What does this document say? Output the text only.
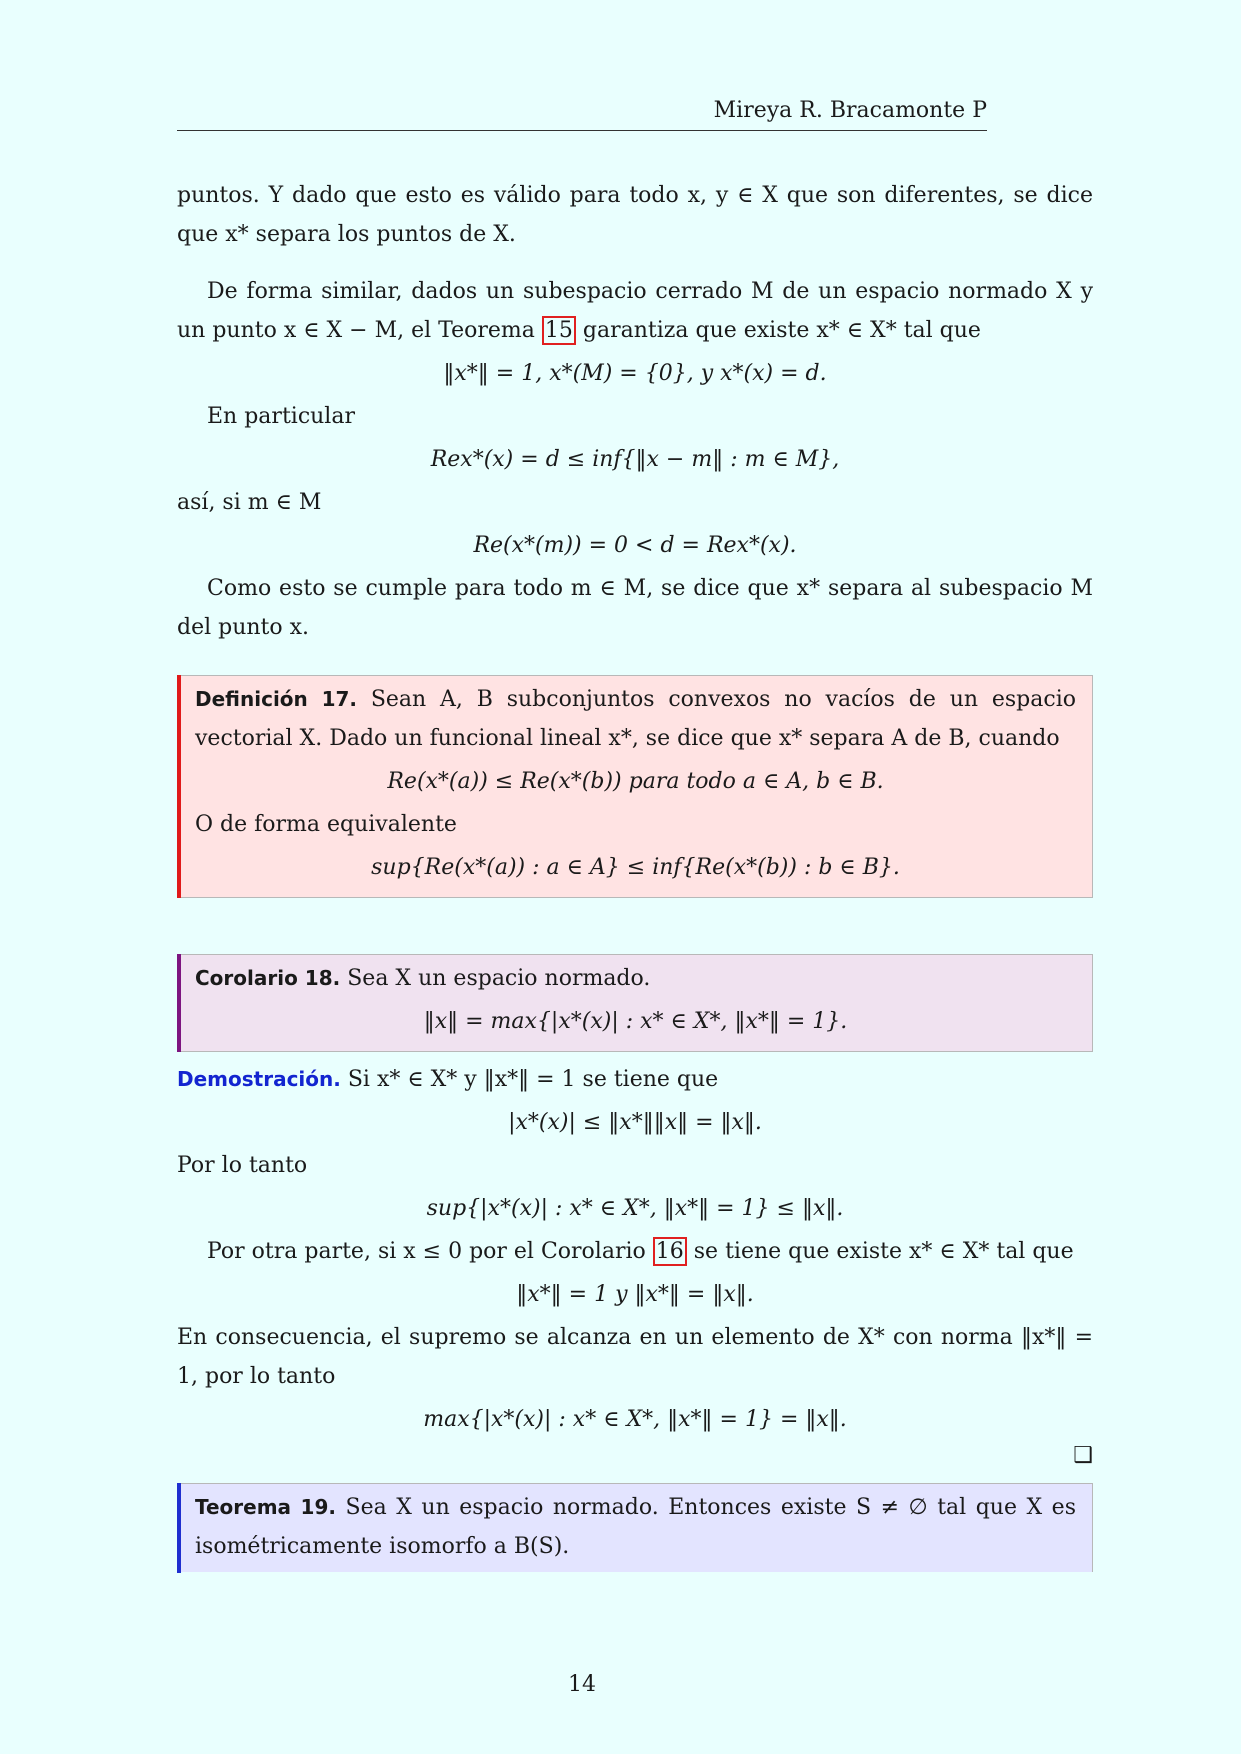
Mireya R. Bracamonte P

puntos. Y dado que esto es válido para todo x, y ∈ X que son diferentes, se dice que x* separa los puntos de X.

De forma similar, dados un subespacio cerrado M de un espacio normado X y un punto x ∈ X − M, el Teorema 15 garantiza que existe x* ∈ X* tal que

‖x*‖ = 1, x*(M) = {0}, y x*(x) = d.

En particular

Rex*(x) = d ≤ inf{‖x − m‖ : m ∈ M},

así, si m ∈ M

Re(x*(m)) = 0 < d = Rex*(x).

Como esto se cumple para todo m ∈ M, se dice que x* separa al subespacio M del punto x.

Definición 17. Sean A, B subconjuntos convexos no vacíos de un espacio vectorial X. Dado un funcional lineal x*, se dice que x* separa A de B, cuando

Re(x*(a)) ≤ Re(x*(b)) para todo a ∈ A, b ∈ B.

O de forma equivalente

sup{Re(x*(a)) : a ∈ A} ≤ inf{Re(x*(b)) : b ∈ B}.

Corolario 18. Sea X un espacio normado.

‖x‖ = max{|x*(x)| : x* ∈ X*, ‖x*‖ = 1}.

Demostración. Si x* ∈ X* y ‖x*‖ = 1 se tiene que

|x*(x)| ≤ ‖x*‖‖x‖ = ‖x‖.

Por lo tanto

sup{|x*(x)| : x* ∈ X*, ‖x*‖ = 1} ≤ ‖x‖.

Por otra parte, si x ≤ 0 por el Corolario 16 se tiene que existe x* ∈ X* tal que

‖x*‖ = 1 y ‖x*‖ = ‖x‖.

En consecuencia, el supremo se alcanza en un elemento de X* con norma ‖x*‖ = 1, por lo tanto

max{|x*(x)| : x* ∈ X*, ‖x*‖ = 1} = ‖x‖.

❑

Teorema 19. Sea X un espacio normado. Entonces existe S ≠ ∅ tal que X es isométricamente isomorfo a B(S).

14
